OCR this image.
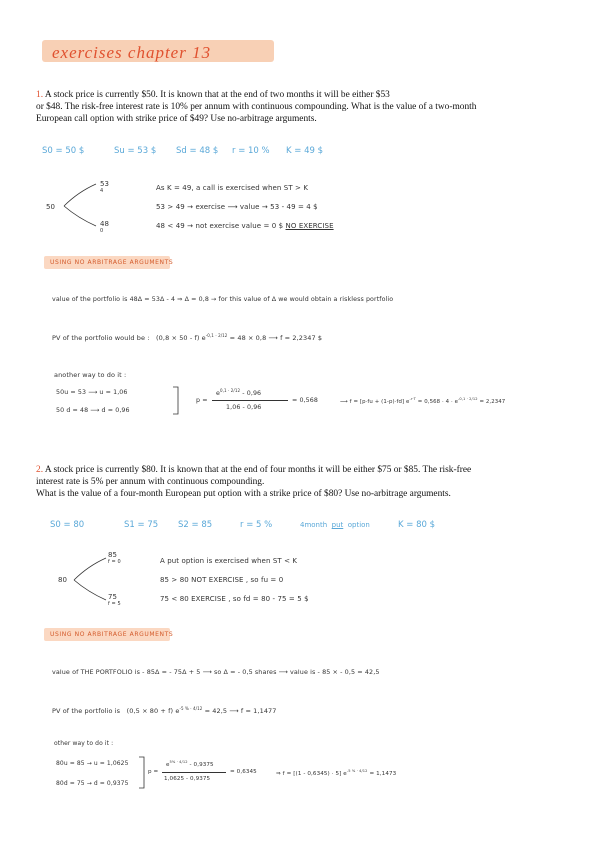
exercises chapter 13
1. A stock price is currently $50. It is known that at the end of two months it will be either $53
or $48. The risk-free interest rate is 10% per annum with continuous compounding. What is the value of a two-month
European call option with strike price of $49? Use no-arbitrage arguments.
S0 = 50 $	Su = 53 $ Sd = 48 $ r = 10 % K = 49 $
50
53
4
48
0
As K = 49, a call is exercised when ST > K
53 > 49 → exercise ⟶ value → 53 - 49 = 4 $
48 < 49 → not exercise value = 0 $ NO EXERCISE
USING NO ARBITRAGE ARGUMENTS
value of the portfolio is 48Δ = 53Δ - 4 ⇒ Δ = 0,8 → for this value of Δ we would obtain a riskless portfolio
PV of the portfolio would be : (0,8 × 50 - f) $e^{-0,1 \cdot 2/12} = 48 \times 0,8$ ⟶ f = 2,2347 $
another way to do it :
50u = 53 ⟶ u = 1,06
50 d = 48 ⟶ d = 0,96
p =
$e^{0,1 \cdot 2/12} - 0,96$
1,06 - 0,96
= 0,568	⟶ f = [p·fu + (1-p)·fd] $e^{-r\cdot T} = 0,568 \cdot 4 \cdot e^{-0,1 \cdot 2/12} = 2,2347$
2. A stock price is currently $80. It is known that at the end of four months it will be either $75 or $85. The risk-free
interest rate is 5% per annum with continuous compounding.
What is the value of a four-month European put option with a strike price of $80? Use no-arbitrage arguments.
S0 = 80	S1 = 75 S2 = 85	r = 5 %	4month put option	K = 80 $
80
85
f = 0
75
f = 5
A put option is exercised when ST < K
85 > 80 NOT EXERCISE , so fu = 0
75 < 80 EXERCISE , so fd = 80 - 75 = 5 $
USING NO ARBITRAGE ARGUMENTS
value of THE PORTFOLIO is - 85Δ = - 75Δ + 5 ⟶ so Δ = - 0,5 shares ⟶ value is - 85 × - 0,5 = 42,5
PV of the portfolio is (0,5 × 80 + f) $e^{-5 \% \cdot 4/12} = 42,5$ ⟶ f = 1,1477
other way to do it :
80u = 85 → u = 1,0625
80d = 75 → d = 0,9375
p =
$e^{5\% \cdot 4/12} - 0,9375$
1,0625 - 0,9375
= 0,6345	⇒ f = [(1 - 0,6345) · 5] $e^{-5 \% \cdot 4/12} = 1,1473$
